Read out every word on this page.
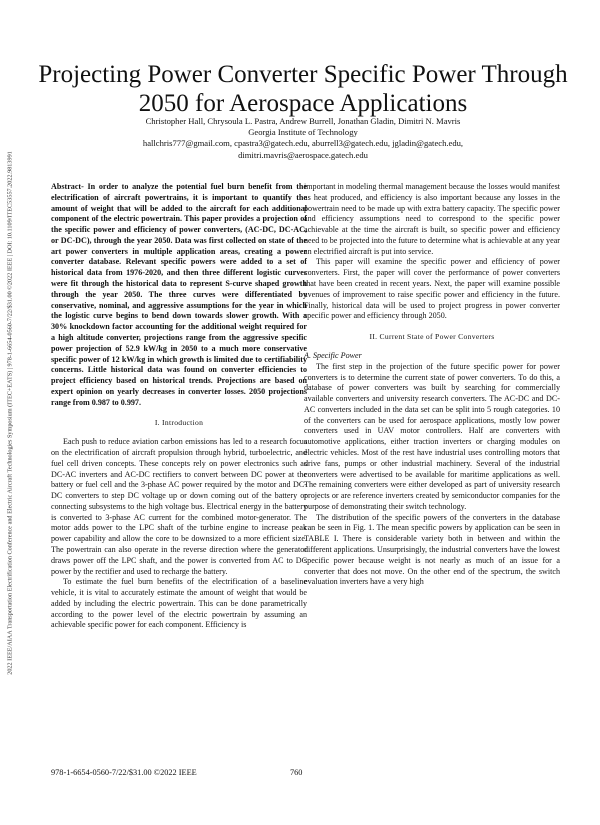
2022 IEEE/AIAA Transportation Electrification Conference and Electric Aircraft Technologies Symposium (ITEC+EATS) | 978-1-6654-0560-7/22/$31.00 ©2022 IEEE | DOI: 10.1109/ITEC53557.2022.9813991
Projecting Power Converter Specific Power Through 2050 for Aerospace Applications
Christopher Hall, Chrysoula L. Pastra, Andrew Burrell, Jonathan Gladin, Dimitri N. Mavris
Georgia Institute of Technology
hallchris777@gmail.com, cpastra3@gatech.edu, aburrell3@gatech.edu, jgladin@gatech.edu,
dimitri.mavris@aerospace.gatech.edu

Abstract- In order to analyze the potential fuel burn benefit from the electrification of aircraft powertrains, it is important to quantify the amount of weight that will be added to the aircraft for each additional component of the electric powertrain. This paper provides a projection of the specific power and efficiency of power converters, (AC-DC, DC-AC, or DC-DC), through the year 2050. Data was first collected on state of the art power converters in multiple application areas, creating a power converter database. Relevant specific powers were added to a set of historical data from 1976-2020, and then three different logistic curves were fit through the historical data to represent S-curve shaped growth through the year 2050. The three curves were differentiated by conservative, nominal, and aggressive assumptions for the year in which the logistic curve begins to bend down towards slower growth. With a 30% knockdown factor accounting for the additional weight required for a high altitude converter, projections range from the aggressive specific power projection of 52.9 kW/kg in 2050 to a much more conservative specific power of 12 kW/kg in which growth is limited due to certifiability concerns. Little historical data was found on converter efficiencies to project efficiency based on historical trends. Projections are based on expert opinion on yearly decreases in converter losses. 2050 projections range from 0.987 to 0.997.

I. Introduction

Each push to reduce aviation carbon emissions has led to a research focus on the electrification of aircraft propulsion through hybrid, turboelectric, and fuel cell driven concepts. These concepts rely on power electronics such as DC-AC inverters and AC-DC rectifiers to convert between DC power at the battery or fuel cell and the 3-phase AC power required by the motor and DC-DC converters to step DC voltage up or down coming out of the battery or connecting subsystems to the high voltage bus. Electrical energy in the battery is converted to 3-phase AC current for the combined motor-generator. The motor adds power to the LPC shaft of the turbine engine to increase peak power capability and allow the core to be downsized to a more efficient size. The powertrain can also operate in the reverse direction where the generator draws power off the LPC shaft, and the power is converted from AC to DC power by the rectifier and used to recharge the battery.

To estimate the fuel burn benefits of the electrification of a baseline vehicle, it is vital to accurately estimate the amount of weight that would be added by including the electric powertrain. This can be done parametrically according to the power level of the electric powertrain by assuming an achievable specific power for each component. Efficiency is

important in modeling thermal management because the losses would manifest as heat produced, and efficiency is also important because any losses in the powertrain need to be made up with extra battery capacity. The specific power and efficiency assumptions need to correspond to the specific power achievable at the time the aircraft is built, so specific power and efficiency need to be projected into the future to determine what is achievable at any year an electrified aircraft is put into service.

This paper will examine the specific power and efficiency of power converters. First, the paper will cover the performance of power converters that have been created in recent years. Next, the paper will examine possible avenues of improvement to raise specific power and efficiency in the future. Finally, historical data will be used to project progress in power converter specific power and efficiency through 2050.

II. Current State of Power Converters

A. Specific Power

The first step in the projection of the future specific power for power converters is to determine the current state of power converters. To do this, a database of power converters was built by searching for commercially available converters and university research converters. The AC-DC and DC-AC converters included in the data set can be split into 5 rough categories. 10 of the converters can be used for aerospace applications, mostly low power converters used in UAV motor controllers. Half are converters with automotive applications, either traction inverters or charging modules on electric vehicles. Most of the rest have industrial uses controlling motors that drive fans, pumps or other industrial machinery. Several of the industrial converters were advertised to be available for maritime applications as well. The remaining converters were either developed as part of university research projects or are reference inverters created by semiconductor companies for the purpose of demonstrating their switch technology.

The distribution of the specific powers of the converters in the database can be seen in Fig. 1. The mean specific powers by application can be seen in TABLE I. There is considerable variety both in between and within the different applications. Unsurprisingly, the industrial converters have the lowest specific power because weight is not nearly as much of an issue for a converter that does not move. On the other end of the spectrum, the switch evaluation inverters have a very high

978-1-6654-0560-7/22/$31.00 ©2022 IEEE	760
